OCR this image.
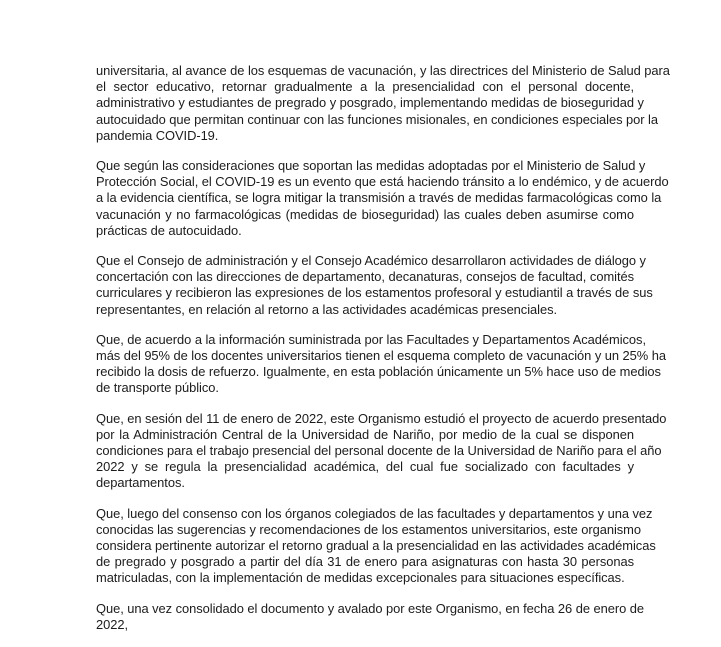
universitaria, al avance de los esquemas de vacunación, y las directrices del Ministerio de Salud para
el sector educativo, retornar gradualmente a la presencialidad con el personal docente,
administrativo y estudiantes de pregrado y posgrado, implementando medidas de bioseguridad y
autocuidado que permitan continuar con las funciones misionales, en condiciones especiales por la
pandemia COVID-19.

Que según las consideraciones que soportan las medidas adoptadas por el Ministerio de Salud y
Protección Social, el COVID-19 es un evento que está haciendo tránsito a lo endémico, y de acuerdo
a la evidencia científica, se logra mitigar la transmisión a través de medidas farmacológicas como la
vacunación y no farmacológicas (medidas de bioseguridad) las cuales deben asumirse como
prácticas de autocuidado.

Que el Consejo de administración y el Consejo Académico desarrollaron actividades de diálogo y
concertación con las direcciones de departamento, decanaturas, consejos de facultad, comités
curriculares y recibieron las expresiones de los estamentos profesoral y estudiantil a través de sus
representantes, en relación al retorno a las actividades académicas presenciales.

Que, de acuerdo a la información suministrada por las Facultades y Departamentos Académicos,
más del 95% de los docentes universitarios tienen el esquema completo de vacunación y un 25% ha
recibido la dosis de refuerzo. Igualmente, en esta población únicamente un 5% hace uso de medios
de transporte público.

Que, en sesión del 11 de enero de 2022, este Organismo estudió el proyecto de acuerdo presentado
por la Administración Central de la Universidad de Nariño, por medio de la cual se disponen
condiciones para el trabajo presencial del personal docente de la Universidad de Nariño para el año
2022 y se regula la presencialidad académica, del cual fue socializado con facultades y
departamentos.

Que, luego del consenso con los órganos colegiados de las facultades y departamentos y una vez
conocidas las sugerencias y recomendaciones de los estamentos universitarios, este organismo
considera pertinente autorizar el retorno gradual a la presencialidad en las actividades académicas
de pregrado y posgrado a partir del día 31 de enero para asignaturas con hasta 30 personas
matriculadas, con la implementación de medidas excepcionales para situaciones específicas.

Que, una vez consolidado el documento y avalado por este Organismo, en fecha 26 de enero de
2022,
